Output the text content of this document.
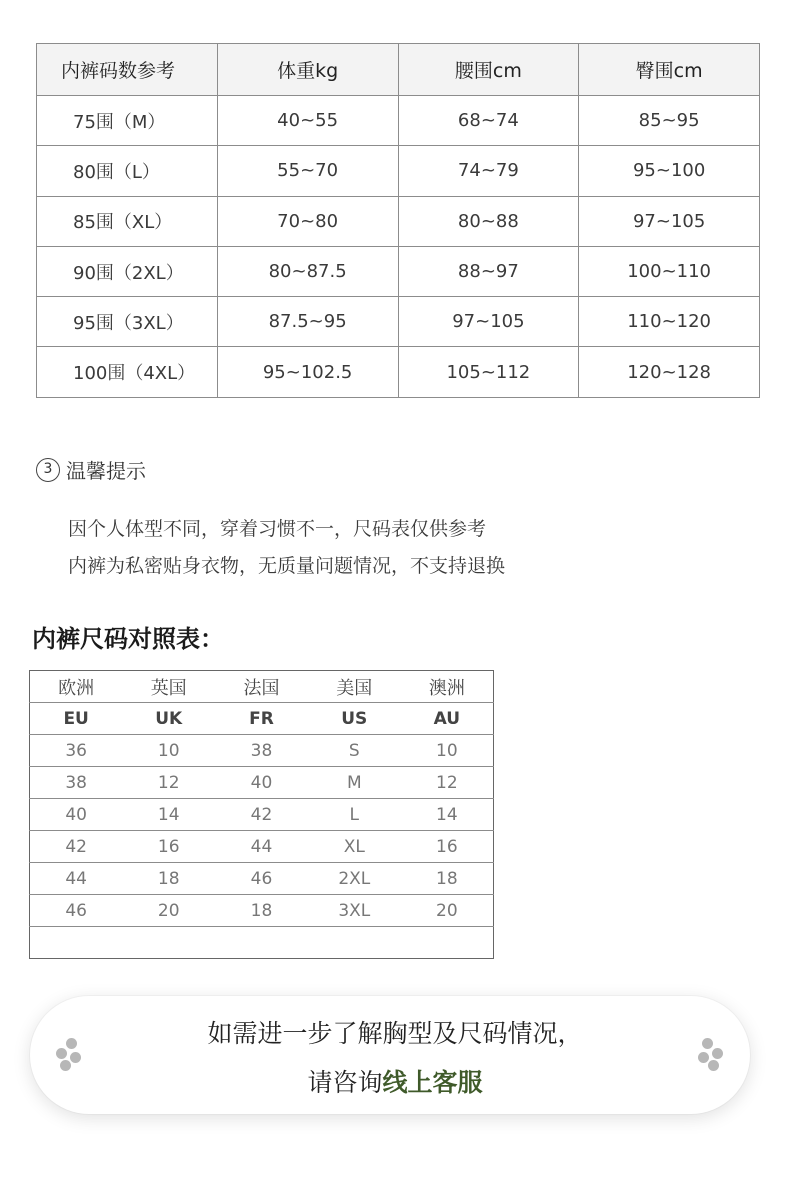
内裤码数参考	体重kg	腰围cm	臀围cm
75围（M）	40~55	68~74	85~95
80围（L）	55~70	74~79	95~100
85围（XL）	70~80	80~88	97~105
90围（2XL）	80~87.5	88~97	100~110
95围（3XL）	87.5~95	97~105	110~120
100围（4XL）	95~102.5	105~112	120~128
3 温馨提示
因个人体型不同，穿着习惯不一，尺码表仅供参考
内裤为私密贴身衣物，无质量问题情况，不支持退换
内裤尺码对照表：
欧洲	英国	法国	美国	澳洲
EU	UK	FR	US	AU
36	10	38	S	10
38	12	40	M	12
40	14	42	L	14
42	16	44	XL	16
44	18	46	2XL	18
46	20	18	3XL	20

如需进一步了解胸型及尺码情况，
请咨询线上客服
